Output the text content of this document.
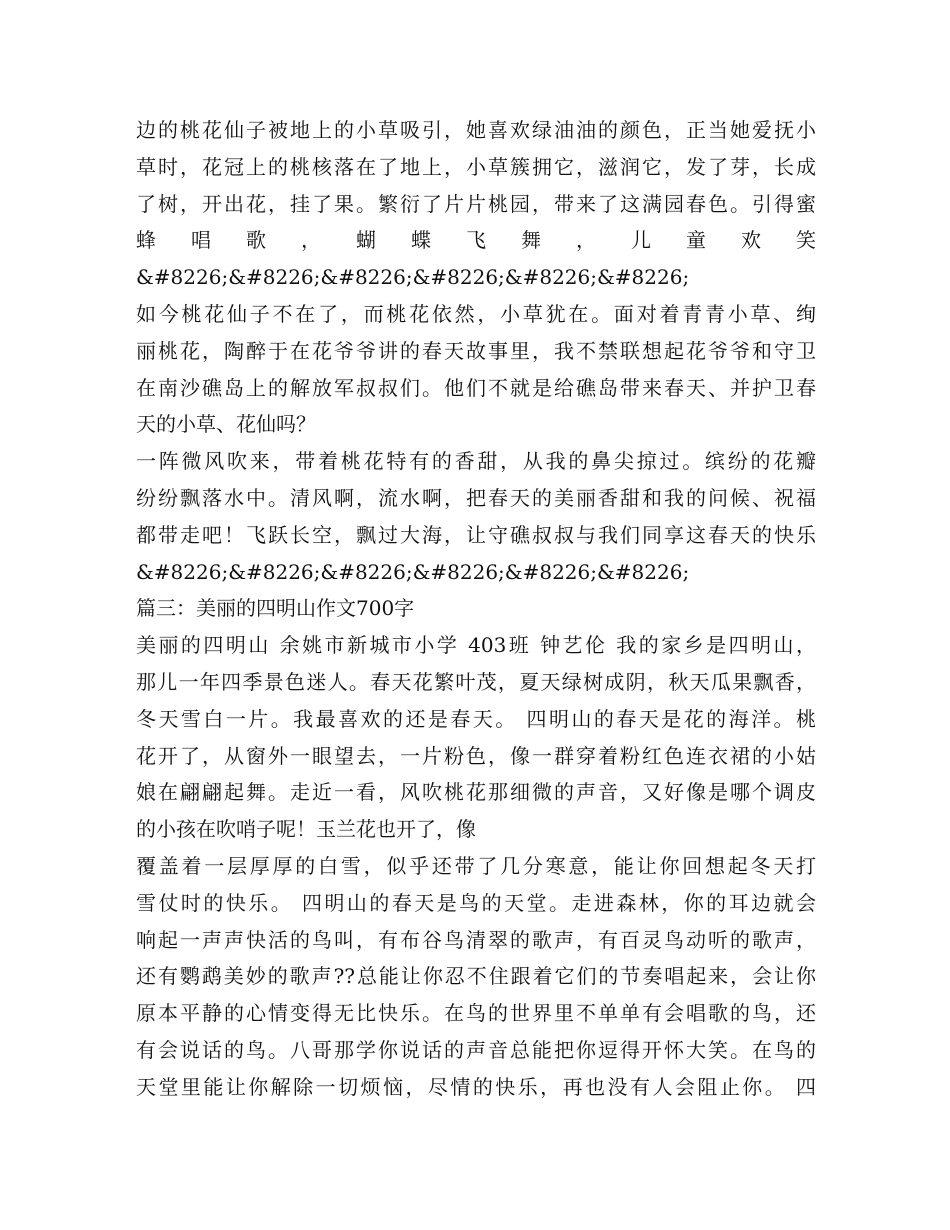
边的桃花仙子被地上的小草吸引，她喜欢绿油油的颜色，正当她爱抚小
草时，花冠上的桃核落在了地上，小草簇拥它，滋润它，发了芽，长成
了树，开出花，挂了果。繁衍了片片桃园，带来了这满园春色。引得蜜
蜂唱歌，蝴蝶飞舞，儿童欢笑
&#8226;&#8226;&#8226;&#8226;&#8226;&#8226;
如今桃花仙子不在了，而桃花依然，小草犹在。面对着青青小草、绚
丽桃花，陶醉于在花爷爷讲的春天故事里，我不禁联想起花爷爷和守卫
在南沙礁岛上的解放军叔叔们。他们不就是给礁岛带来春天、并护卫春
天的小草、花仙吗？
一阵微风吹来，带着桃花特有的香甜，从我的鼻尖掠过。缤纷的花瓣
纷纷飘落水中。清风啊，流水啊，把春天的美丽香甜和我的问候、祝福
都带走吧！飞跃长空，飘过大海，让守礁叔叔与我们同享这春天的快乐
&#8226;&#8226;&#8226;&#8226;&#8226;&#8226;
篇三：美丽的四明山作文700字
美丽的四明山 余姚市新城市小学 403班 钟艺伦 我的家乡是四明山，
那儿一年四季景色迷人。春天花繁叶茂，夏天绿树成阴，秋天瓜果飘香，
冬天雪白一片。我最喜欢的还是春天。 四明山的春天是花的海洋。桃
花开了，从窗外一眼望去，一片粉色，像一群穿着粉红色连衣裙的小姑
娘在翩翩起舞。走近一看，风吹桃花那细微的声音，又好像是哪个调皮
的小孩在吹哨子呢！玉兰花也开了，像
覆盖着一层厚厚的白雪，似乎还带了几分寒意，能让你回想起冬天打
雪仗时的快乐。 四明山的春天是鸟的天堂。走进森林，你的耳边就会
响起一声声快活的鸟叫，有布谷鸟清翠的歌声，有百灵鸟动听的歌声，
还有鹦鹉美妙的歌声??总能让你忍不住跟着它们的节奏唱起来，会让你
原本平静的心情变得无比快乐。在鸟的世界里不单单有会唱歌的鸟，还
有会说话的鸟。八哥那学你说话的声音总能把你逗得开怀大笑。在鸟的
天堂里能让你解除一切烦恼，尽情的快乐，再也没有人会阻止你。 四
